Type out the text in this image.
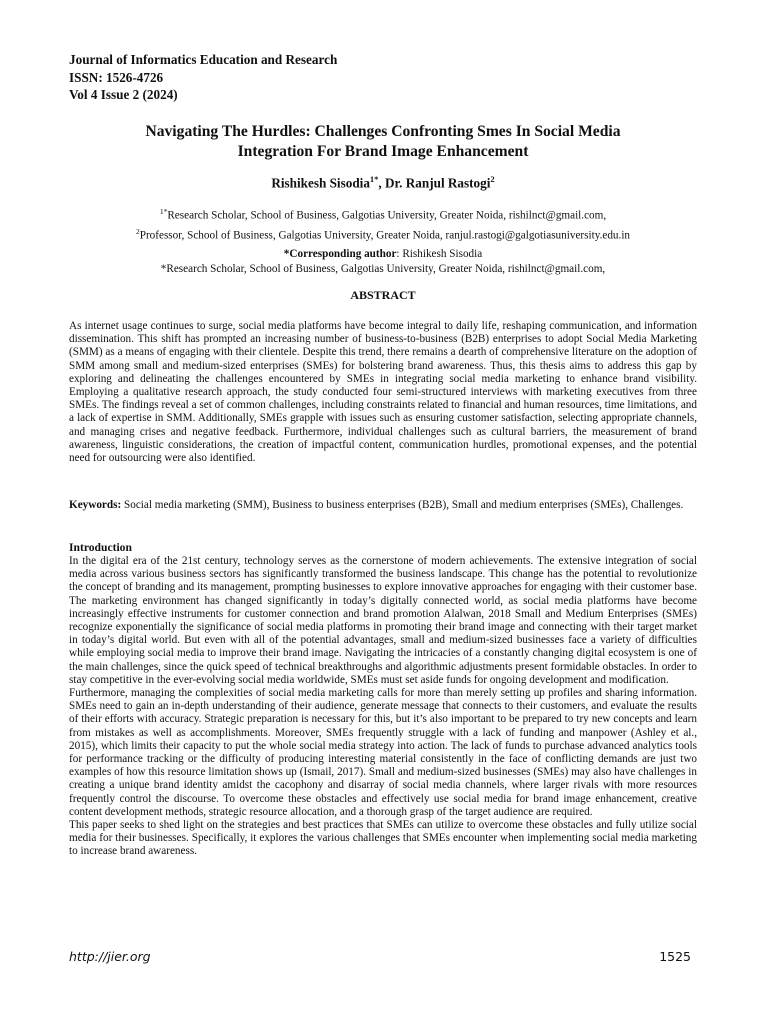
Journal of Informatics Education and Research
ISSN: 1526-4726
Vol 4 Issue 2 (2024)
Navigating The Hurdles: Challenges Confronting Smes In Social Media
Integration For Brand Image Enhancement
Rishikesh Sisodia$^{1*}$, Dr. Ranjul Rastogi$^2$
$^{1*}$Research Scholar, School of Business, Galgotias University, Greater Noida, rishilnct@gmail.com,
$^2$Professor, School of Business, Galgotias University, Greater Noida, ranjul.rastogi@galgotiasuniversity.edu.in
*Corresponding author: Rishikesh Sisodia
*Research Scholar, School of Business, Galgotias University, Greater Noida, rishilnct@gmail.com,
ABSTRACT

As internet usage continues to surge, social media platforms have become integral to daily life, reshaping communication, and information dissemination. This shift has prompted an increasing number of business-to-business (B2B) enterprises to adopt Social Media Marketing (SMM) as a means of engaging with their clientele. Despite this trend, there remains a dearth of comprehensive literature on the adoption of SMM among small and medium-sized enterprises (SMEs) for bolstering brand awareness. Thus, this thesis aims to address this gap by exploring and delineating the challenges encountered by SMEs in integrating social media marketing to enhance brand visibility. Employing a qualitative research approach, the study conducted four semi-structured interviews with marketing executives from three SMEs. The findings reveal a set of common challenges, including constraints related to financial and human resources, time limitations, and a lack of expertise in SMM. Additionally, SMEs grapple with issues such as ensuring customer satisfaction, selecting appropriate channels, and managing crises and negative feedback. Furthermore, individual challenges such as cultural barriers, the measurement of brand awareness, linguistic considerations, the creation of impactful content, communication hurdles, promotional expenses, and the potential need for outsourcing were also identified.

Keywords: Social media marketing (SMM), Business to business enterprises (B2B), Small and medium enterprises (SMEs), Challenges.

Introduction

In the digital era of the 21st century, technology serves as the cornerstone of modern achievements. The extensive integration of social media across various business sectors has significantly transformed the business landscape. This change has the potential to revolutionize the concept of branding and its management, prompting businesses to explore innovative approaches for engaging with their customer base. The marketing environment has changed significantly in today’s digitally connected world, as social media platforms have become increasingly effective instruments for customer connection and brand promotion Alalwan, 2018 Small and Medium Enterprises (SMEs) recognize exponentially the significance of social media platforms in promoting their brand image and connecting with their target market in today’s digital world. But even with all of the potential advantages, small and medium-sized businesses face a variety of difficulties while employing social media to improve their brand image. Navigating the intricacies of a constantly changing digital ecosystem is one of the main challenges, since the quick speed of technical breakthroughs and algorithmic adjustments present formidable obstacles. In order to stay competitive in the ever-evolving social media worldwide, SMEs must set aside funds for ongoing development and modification.

Furthermore, managing the complexities of social media marketing calls for more than merely setting up profiles and sharing information. SMEs need to gain an in-depth understanding of their audience, generate message that connects to their customers, and evaluate the results of their efforts with accuracy. Strategic preparation is necessary for this, but it’s also important to be prepared to try new concepts and learn from mistakes as well as accomplishments. Moreover, SMEs frequently struggle with a lack of funding and manpower (Ashley et al., 2015), which limits their capacity to put the whole social media strategy into action. The lack of funds to purchase advanced analytics tools for performance tracking or the difficulty of producing interesting material consistently in the face of conflicting demands are just two examples of how this resource limitation shows up (Ismail, 2017). Small and medium-sized businesses (SMEs) may also have challenges in creating a unique brand identity amidst the cacophony and disarray of social media channels, where larger rivals with more resources frequently control the discourse. To overcome these obstacles and effectively use social media for brand image enhancement, creative content development methods, strategic resource allocation, and a thorough grasp of the target audience are required.

This paper seeks to shed light on the strategies and best practices that SMEs can utilize to overcome these obstacles and fully utilize social media for their businesses. Specifically, it explores the various challenges that SMEs encounter when implementing social media marketing to increase brand awareness.

http://jier.org	1525
